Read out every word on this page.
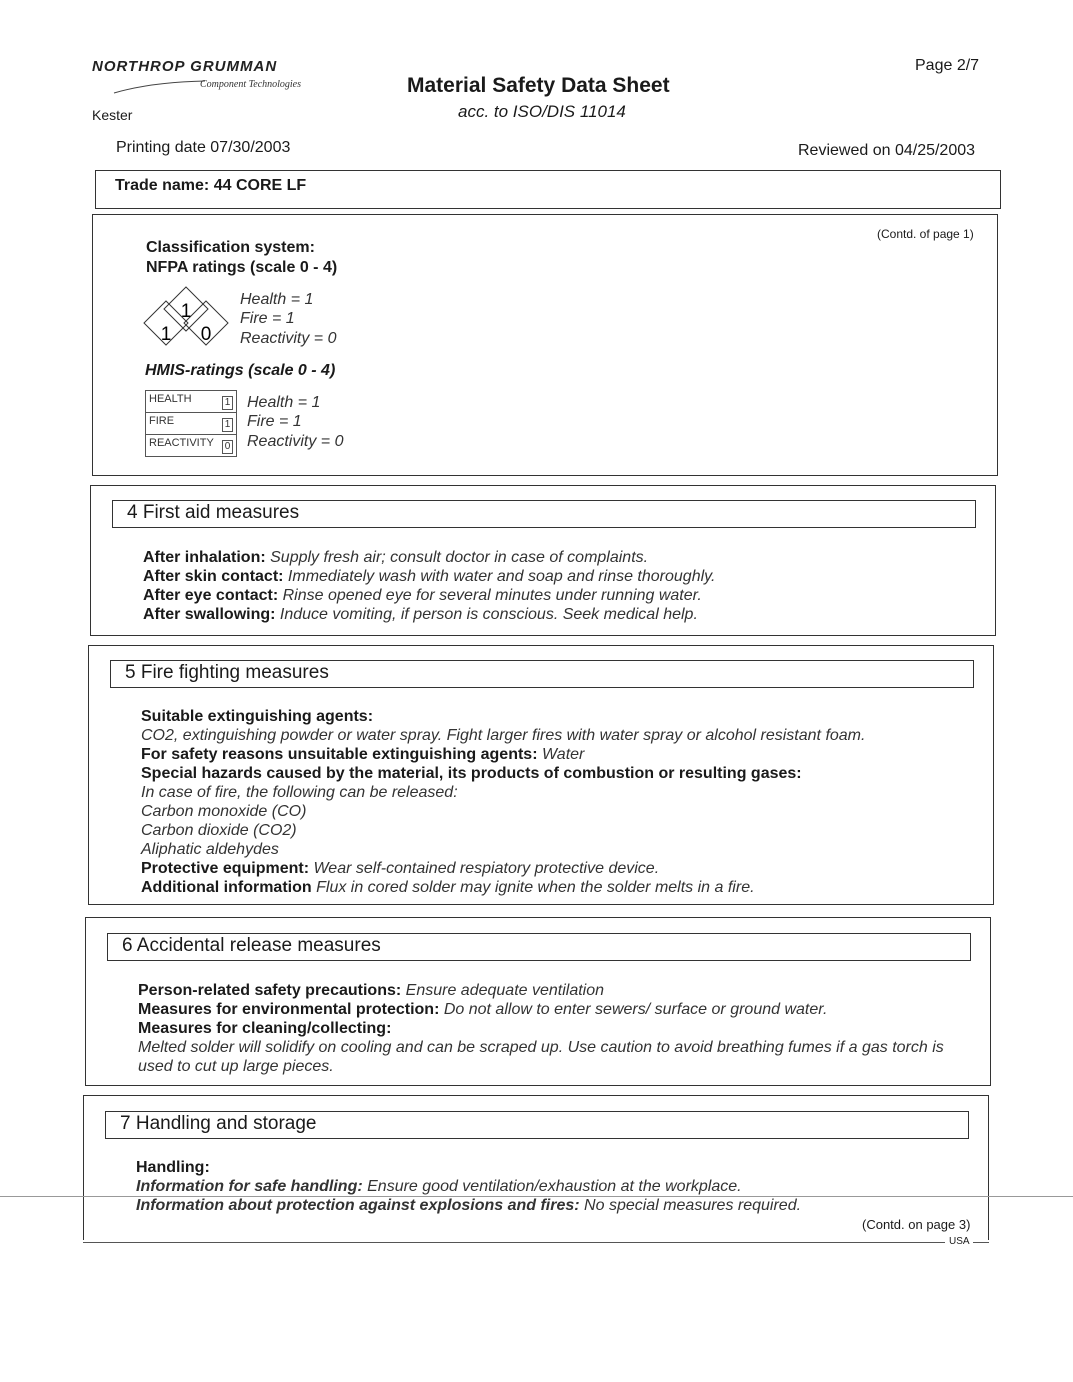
NORTHROP GRUMMAN
Component Technologies
Kester
Material Safety Data Sheet
acc. to ISO/DIS 11014
Page 2/7
Printing date 07/30/2003	Reviewed on 04/25/2003
Trade name: 44 CORE LF
(Contd. of page 1)
Classification system:
NFPA ratings (scale 0 - 4)
1
1 0
Health = 1
Fire = 1
Reactivity = 0
HMIS-ratings (scale 0 - 4)
HEALTH	1

FIRE	1

REACTIVITY 0
Health = 1
Fire = 1
Reactivity = 0
4 First aid measures
After inhalation: Supply fresh air; consult doctor in case of complaints.
After skin contact: Immediately wash with water and soap and rinse thoroughly.
After eye contact: Rinse opened eye for several minutes under running water.
After swallowing: Induce vomiting, if person is conscious. Seek medical help.
5 Fire fighting measures
Suitable extinguishing agents:
CO2, extinguishing powder or water spray. Fight larger fires with water spray or alcohol resistant foam.
For safety reasons unsuitable extinguishing agents: Water
Special hazards caused by the material, its products of combustion or resulting gases:
In case of fire, the following can be released:
Carbon monoxide (CO)
Carbon dioxide (CO2)
Aliphatic aldehydes
Protective equipment: Wear self-contained respiatory protective device.
Additional information Flux in cored solder may ignite when the solder melts in a fire.
6 Accidental release measures
Person-related safety precautions: Ensure adequate ventilation
Measures for environmental protection: Do not allow to enter sewers/ surface or ground water.
Measures for cleaning/collecting:
Melted solder will solidify on cooling and can be scraped up. Use caution to avoid breathing fumes if a gas torch is
used to cut up large pieces.
7 Handling and storage
Handling:
Information for safe handling: Ensure good ventilation/exhaustion at the workplace.
Information about protection against explosions and fires: No special measures required.
(Contd. on page 3)
USA
